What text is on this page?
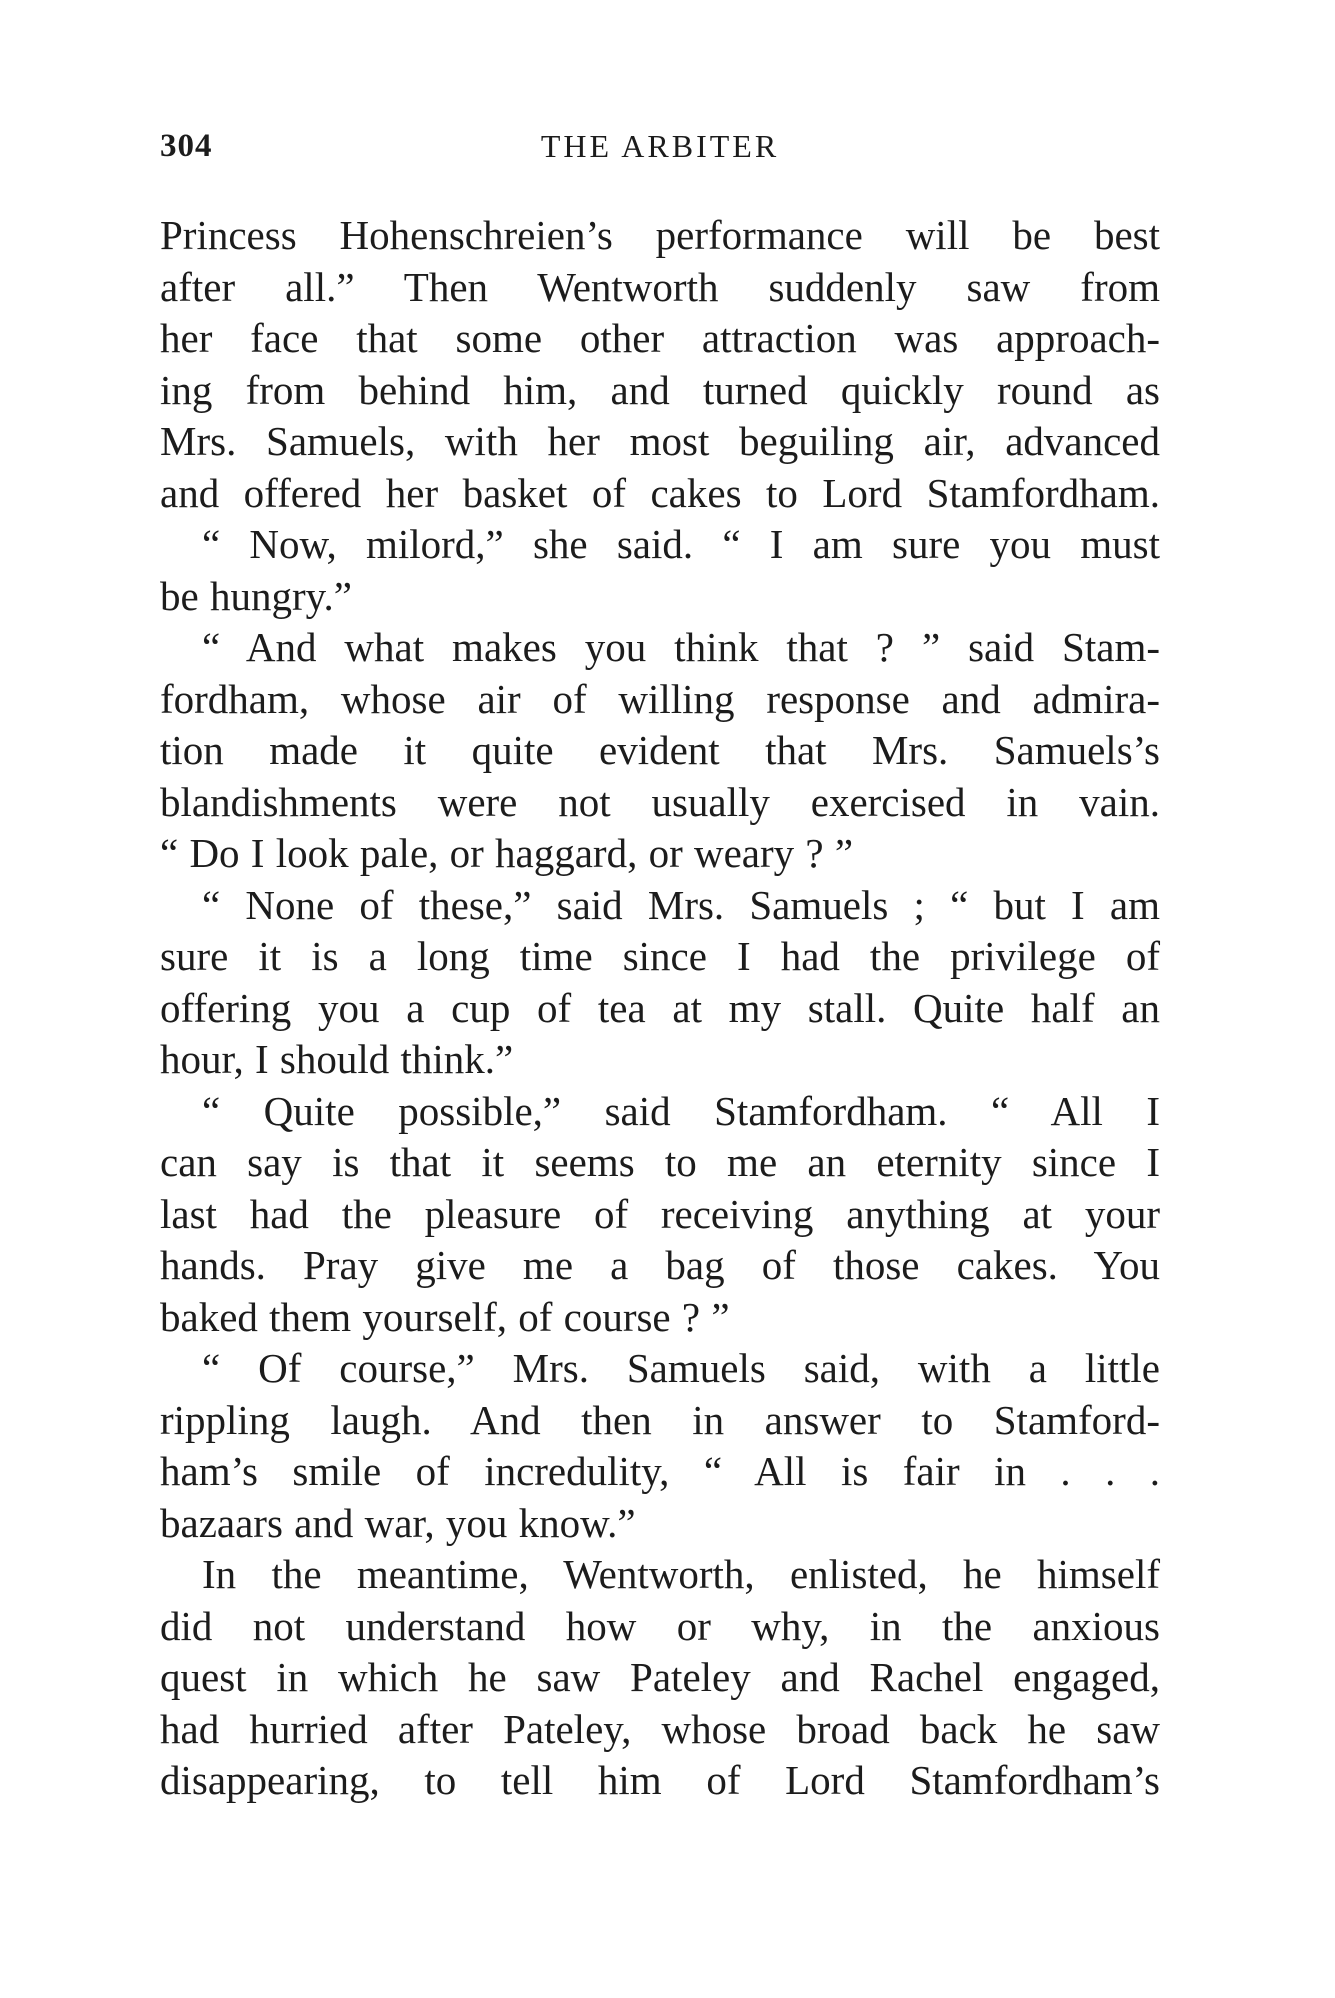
304	THE ARBITER
Princess Hohenschreien’s performance will be best
after all.” Then Wentworth suddenly saw from
her face that some other attraction was approach-
ing from behind him, and turned quickly round as
Mrs. Samuels, with her most beguiling air, advanced
and offered her basket of cakes to Lord Stamfordham.
“ Now, milord,” she said. “ I am sure you must
be hungry.”
“ And what makes you think that ? ” said Stam-
fordham, whose air of willing response and admira-
tion made it quite evident that Mrs. Samuels’s
blandishments were not usually exercised in vain.
“ Do I look pale, or haggard, or weary ? ”
“ None of these,” said Mrs. Samuels ; “ but I am
sure it is a long time since I had the privilege of
offering you a cup of tea at my stall. Quite half an
hour, I should think.”
“ Quite possible,” said Stamfordham. “ All I
can say is that it seems to me an eternity since I
last had the pleasure of receiving anything at your
hands. Pray give me a bag of those cakes. You
baked them yourself, of course ? ”
“ Of course,” Mrs. Samuels said, with a little
rippling laugh. And then in answer to Stamford-
ham’s smile of incredulity, “ All is fair in . . .
bazaars and war, you know.”
In the meantime, Wentworth, enlisted, he himself
did not understand how or why, in the anxious
quest in which he saw Pateley and Rachel engaged,
had hurried after Pateley, whose broad back he saw
disappearing, to tell him of Lord Stamfordham’s
